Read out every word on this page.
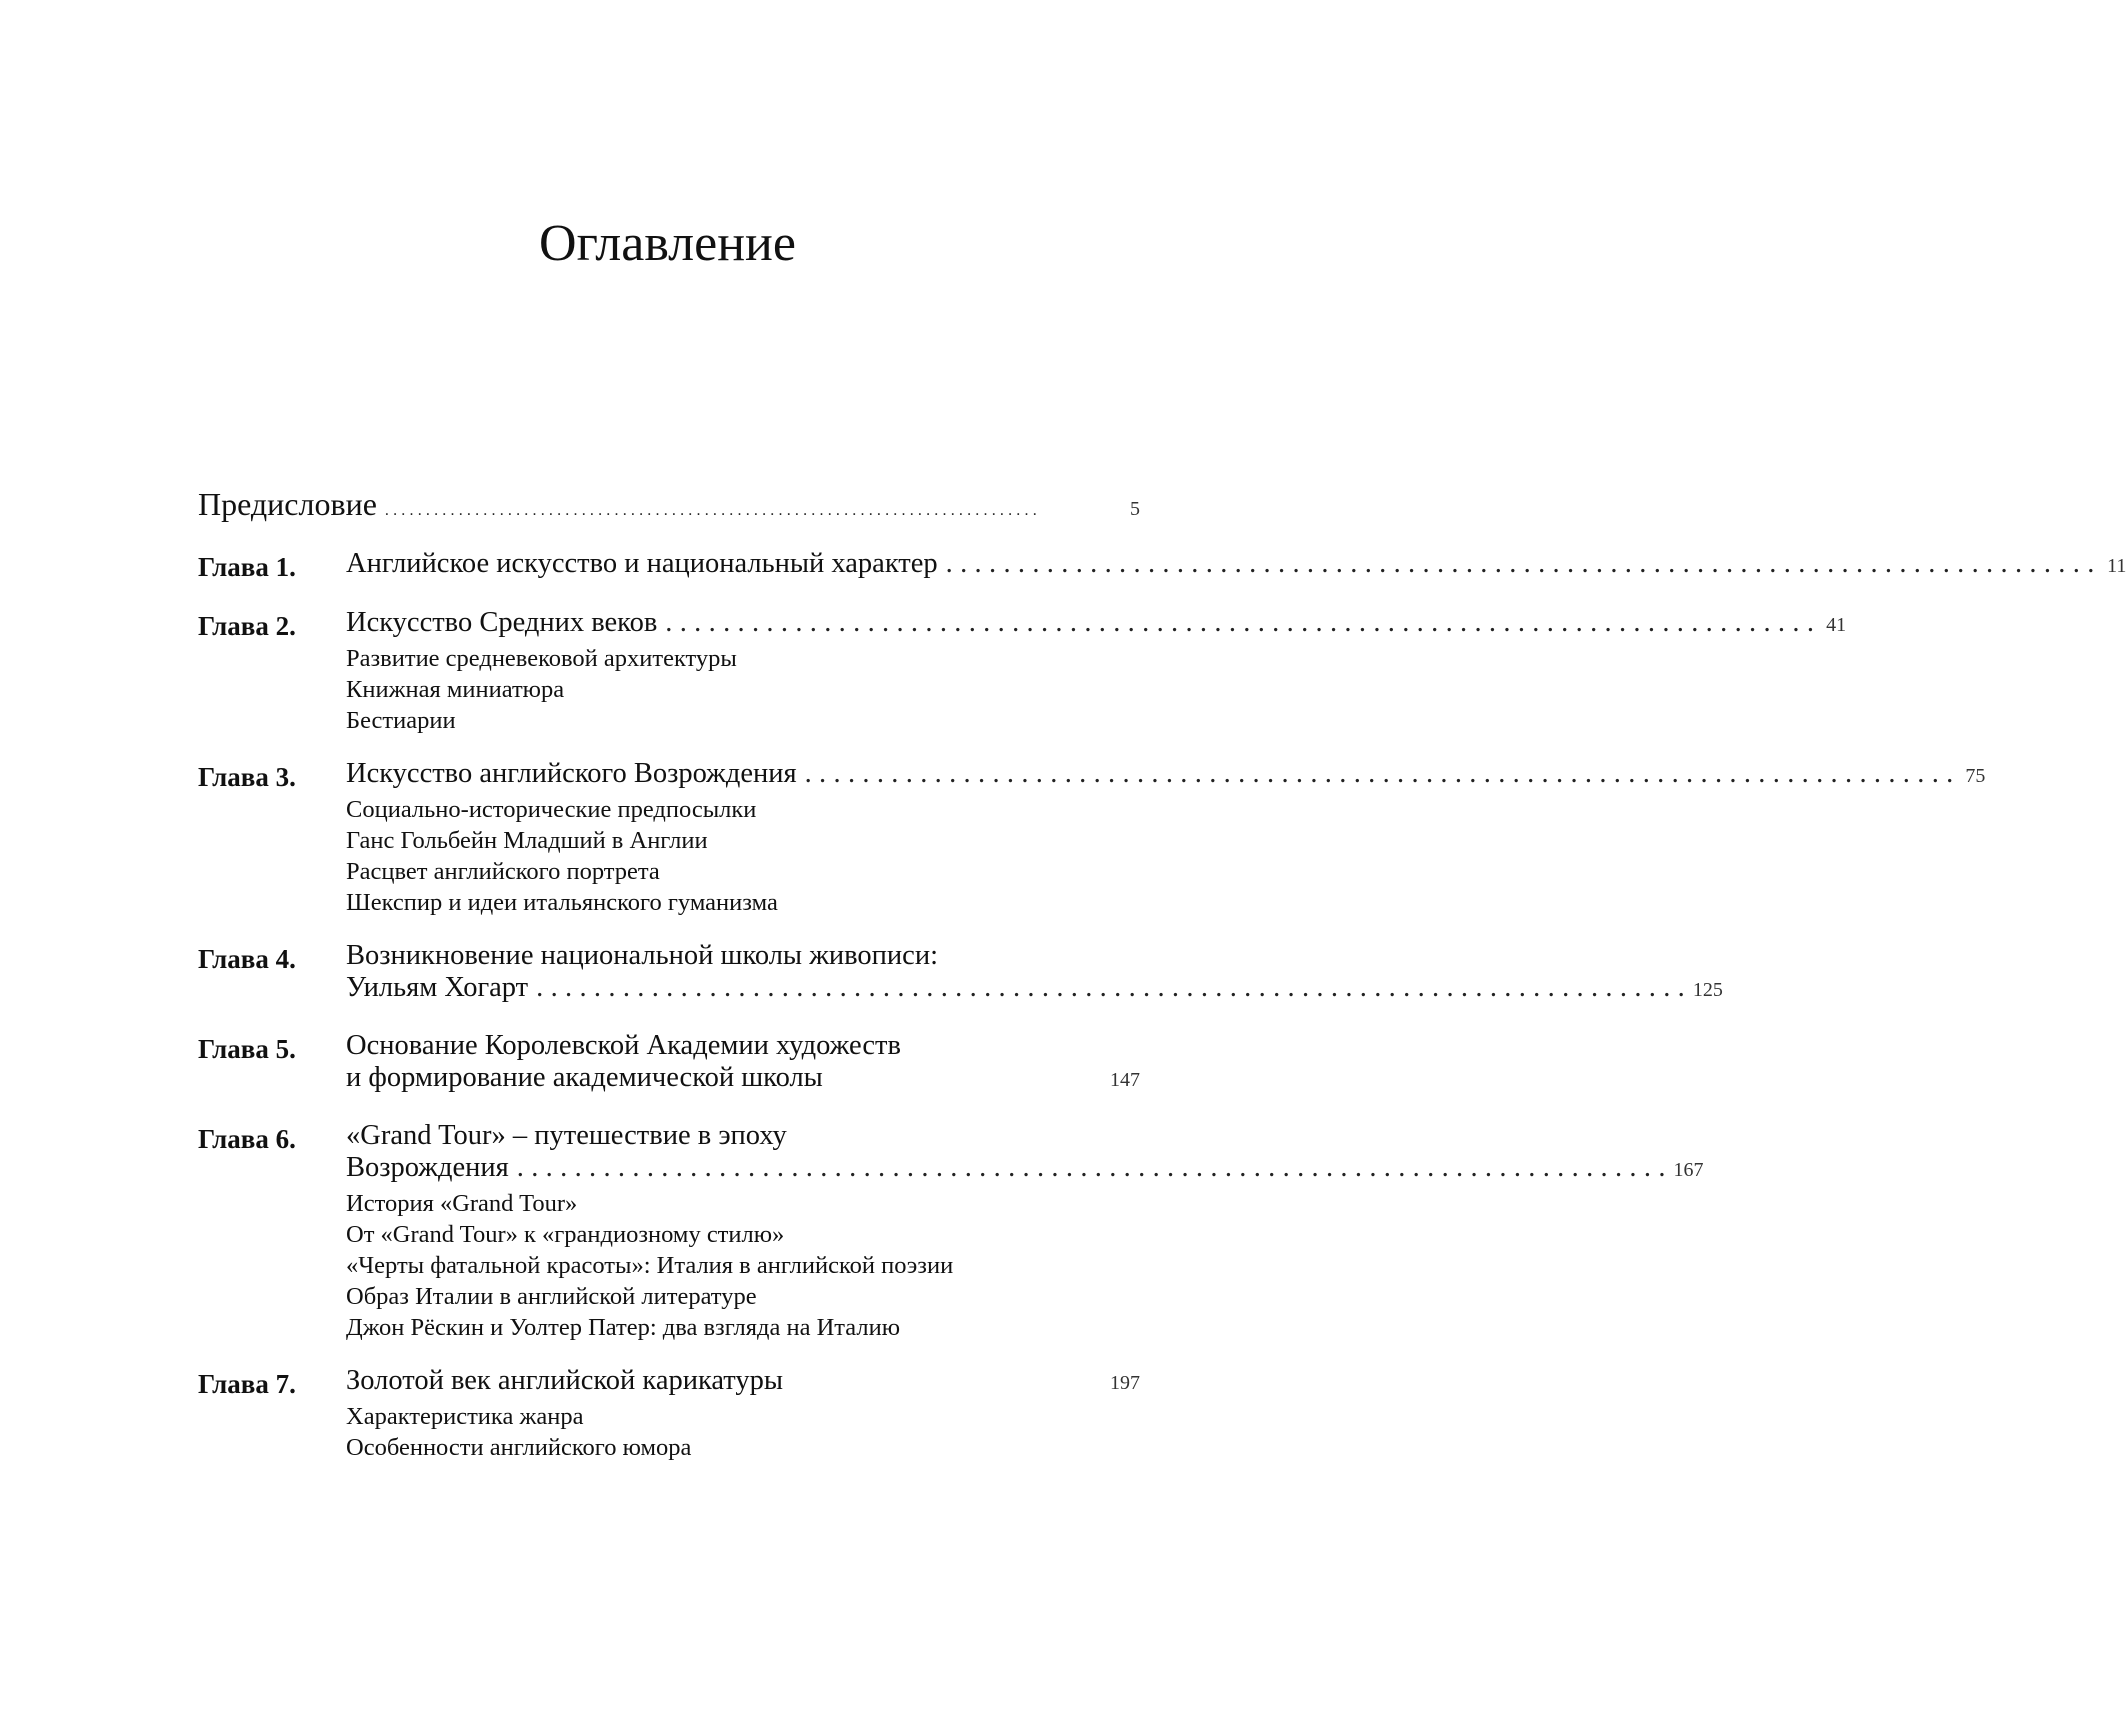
Оглавление
Предисловие . . . . . . . . . . . . . . . . . . . . . . . . . . . . . . . . . . . . . . . . . . . . . . . . . . . . . . . . . . . . . . . . . . . . . . . . . . . . . . . .	5
Глава 1.	Английское искусство и национальный характер . . . . . . . . . . . . . . . . . . . . . . . . . . . . . . . . . . . . . . . . . . . . . . . . . . . . . . . . . . . . . . . . . . . . . . . . . . . . . . . . 11
Глава 2.	Искусство Средних веков . . . . . . . . . . . . . . . . . . . . . . . . . . . . . . . . . . . . . . . . . . . . . . . . . . . . . . . . . . . . . . . . . . . . . . . . . . . . . . . . 41
Развитие средневековой архитектуры
Книжная миниатюра
Бестиарии
Глава 3.	Искусство английского Возрождения . . . . . . . . . . . . . . . . . . . . . . . . . . . . . . . . . . . . . . . . . . . . . . . . . . . . . . . . . . . . . . . . . . . . . . . . . . . . . . . . 75
Социально-исторические предпосылки
Ганс Гольбейн Младший в Англии
Расцвет английского портрета
Шекспир и идеи итальянского гуманизма
Глава 4.	Возникновение национальной школы живописи:
Уильям Хогарт . . . . . . . . . . . . . . . . . . . . . . . . . . . . . . . . . . . . . . . . . . . . . . . . . . . . . . . . . . . . . . . . . . . . . . . . . . . . . . . . 125
Глава 5.	Основание Королевской Академии художеств
и формирование академической школы	147
Глава 6.	«Grand Tour» – путешествие в эпоху
Возрождения . . . . . . . . . . . . . . . . . . . . . . . . . . . . . . . . . . . . . . . . . . . . . . . . . . . . . . . . . . . . . . . . . . . . . . . . . . . . . . . . 167
История «Grand Tour»
От «Grand Tour» к «грандиозному стилю»
«Черты фатальной красоты»: Италия в английской поэзии
Образ Италии в английской литературе
Джон Рёскин и Уолтер Патер: два взгляда на Италию
Глава 7.	Золотой век английской карикатуры	197
Характеристика жанра
Особенности английского юмора
